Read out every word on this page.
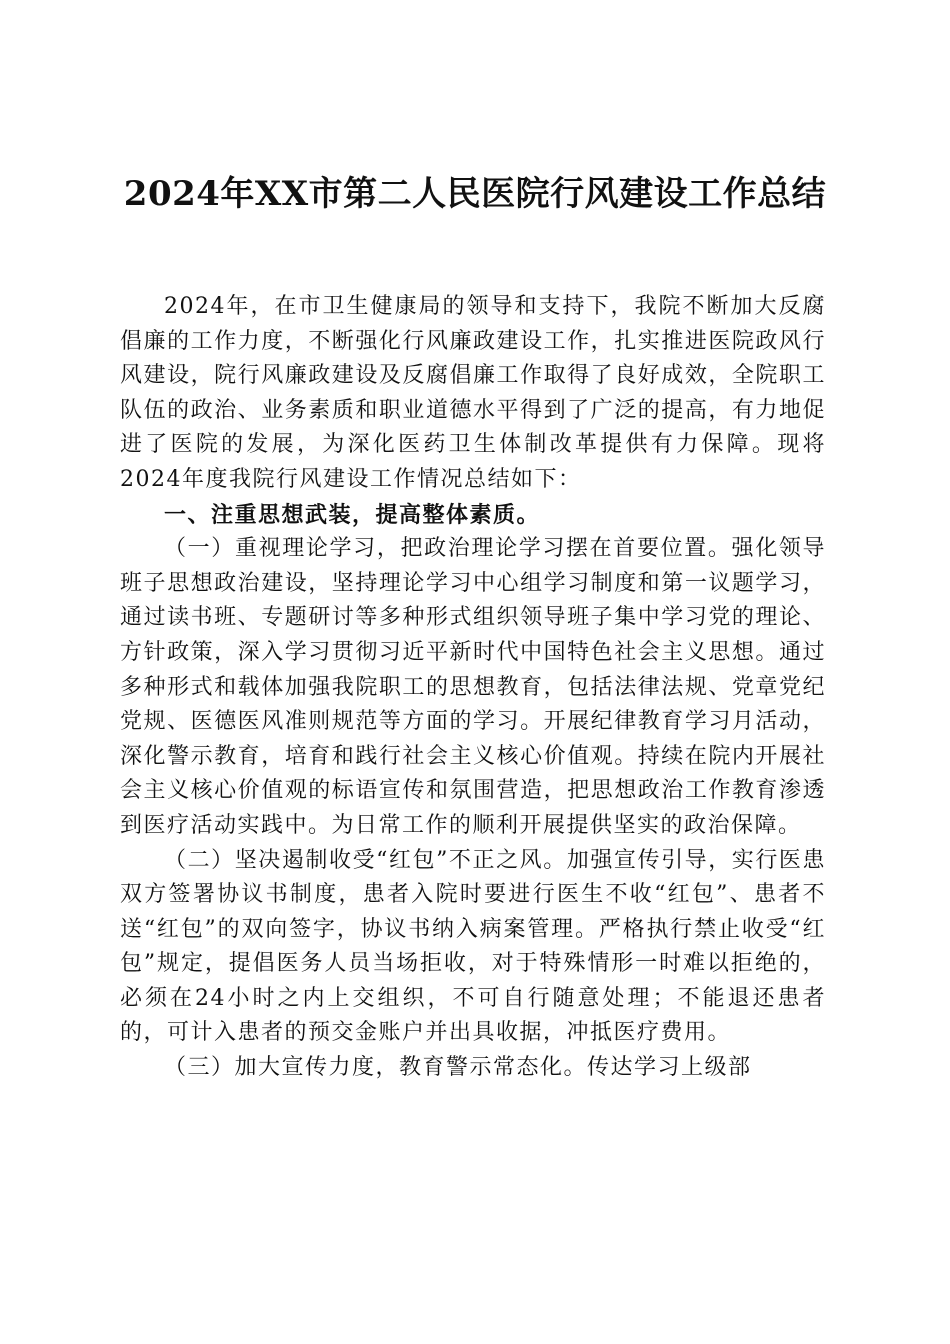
2024年XX市第二人民医院行风建设工作总结

2024年，在市卫生健康局的领导和支持下，我院不断加大反腐倡廉的工作力度，不断强化行风廉政建设工作，扎实推进医院政风行风建设，院行风廉政建设及反腐倡廉工作取得了良好成效，全院职工队伍的政治、业务素质和职业道德水平得到了广泛的提高，有力地促进了医院的发展，为深化医药卫生体制改革提供有力保障。现将2024年度我院行风建设工作情况总结如下：

一、注重思想武装，提高整体素质。

（一）重视理论学习，把政治理论学习摆在首要位置。强化领导班子思想政治建设，坚持理论学习中心组学习制度和第一议题学习，通过读书班、专题研讨等多种形式组织领导班子集中学习党的理论、方针政策，深入学习贯彻习近平新时代中国特色社会主义思想。通过多种形式和载体加强我院职工的思想教育，包括法律法规、党章党纪党规、医德医风准则规范等方面的学习。开展纪律教育学习月活动，深化警示教育，培育和践行社会主义核心价值观。持续在院内开展社会主义核心价值观的标语宣传和氛围营造，把思想政治工作教育渗透到医疗活动实践中。为日常工作的顺利开展提供坚实的政治保障。

（二）坚决遏制收受“红包”不正之风。加强宣传引导，实行医患双方签署协议书制度，患者入院时要进行医生不收“红包”、患者不送“红包”的双向签字，协议书纳入病案管理。严格执行禁止收受“红包”规定，提倡医务人员当场拒收，对于特殊情形一时难以拒绝的，必须在24小时之内上交组织，不可自行随意处理；不能退还患者的，可计入患者的预交金账户并出具收据，冲抵医疗费用。

（三）加大宣传力度，教育警示常态化。传达学习上级部
